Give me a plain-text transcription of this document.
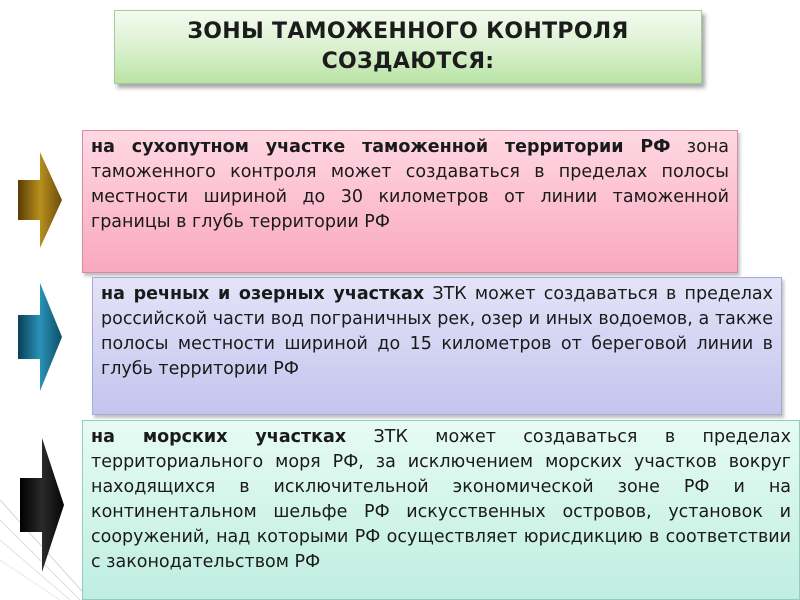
ЗОНЫ ТАМОЖЕННОГО КОНТРОЛЯ
СОЗДАЮТСЯ:
на сухопутном участке таможенной территории РФ зона таможенного контроля может создаваться в пределах полосы местности шириной до 30 километров от линии таможенной границы в глубь территории РФ
на речных и озерных участках ЗТК может создаваться в пределах российской части вод пограничных рек, озер и иных водоемов, а также полосы местности шириной до 15 километров от береговой линии в глубь территории РФ
на морских участках ЗТК может создаваться в пределах территориального моря РФ, за исключением морских участков вокруг находящихся в исключительной экономической зоне РФ и на континентальном шельфе РФ искусственных островов, установок и сооружений, над которыми РФ осуществляет юрисдикцию в соответствии с законодательством РФ
